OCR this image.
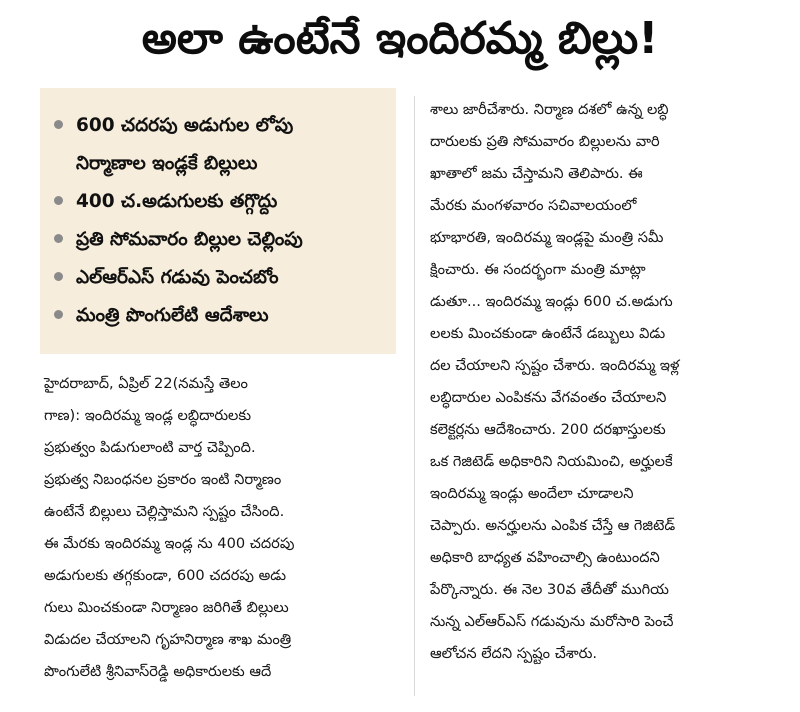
అలా ఉంటేనే ఇందిరమ్మ బిల్లు!
600 చదరపు అడుగుల లోపు
నిర్మాణాల ఇండ్లకే బిల్లులు
400 చ.అడుగులకు తగ్గొద్దు
ప్రతి సోమవారం బిల్లుల చెల్లింపు
ఎల్‌ఆర్‌ఎస్ గడువు పెంచబోం
మంత్రి పొంగులేటి ఆదేశాలు
హైదరాబాద్, ఏప్రిల్ 22(నమస్తే తెలం
గాణ): ఇందిరమ్మ ఇండ్ల లబ్ధిదారులకు
ప్రభుత్వం పిడుగులాంటి వార్త చెప్పింది.
ప్రభుత్వ నిబంధనల ప్రకారం ఇంటి నిర్మాణం
ఉంటేనే బిల్లులు చెల్లిస్తామని స్పష్టం చేసింది.
ఈ మేరకు ఇందిరమ్మ ఇండ్ల ను 400 చదరపు
అడుగులకు తగ్గకుండా, 600 చదరపు అడు
గులు మించకుండా నిర్మాణం జరిగితే బిల్లులు
విడుదల చేయాలని గృహనిర్మాణ శాఖ మంత్రి
పొంగులేటి శ్రీనివాస్‌రెడ్డి అధికారులకు ఆదే
శాలు జారీచేశారు. నిర్మాణ దశలో ఉన్న లబ్ధి
దారులకు ప్రతి సోమవారం బిల్లులను వారి
ఖాతాలో జమ చేస్తామని తెలిపారు. ఈ
మేరకు మంగళవారం సచివాలయంలో
భూభారతి, ఇందిరమ్మ ఇండ్లపై మంత్రి సమీ
క్షించారు. ఈ సందర్భంగా మంత్రి మాట్లా
డుతూ... ఇందిరమ్మ ఇండ్లు 600 చ.అడుగు
లలకు మించకుండా ఉంటేనే డబ్బులు విడు
దల చేయాలని స్పష్టం చేశారు. ఇందిరమ్మ ఇళ్ల
లబ్ధిదారుల ఎంపికను వేగవంతం చేయాలని
కలెక్టర్లను ఆదేశించారు. 200 దరఖాస్తులకు
ఒక గెజిటెడ్ అధికారిని నియమించి, అర్హులకే
ఇందిరమ్మ ఇండ్లు అందేలా చూడాలని
చెప్పారు. అనర్హులను ఎంపిక చేస్తే ఆ గెజిటెడ్
అధికారి బాధ్యత వహించాల్సి ఉంటుందని
పేర్కొన్నారు. ఈ నెల 30వ తేదీతో ముగియ
నున్న ఎల్‌ఆర్‌ఎస్ గడువును మరోసారి పెంచే
ఆలోచన లేదని స్పష్టం చేశారు.
